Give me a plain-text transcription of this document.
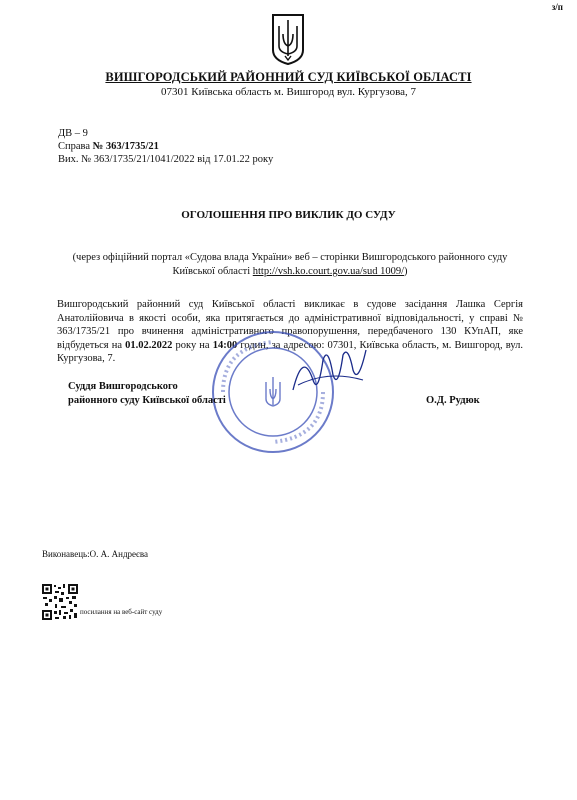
з/п
ВИШГОРОДСЬКИЙ РАЙОННИЙ СУД КИЇВСЬКОЇ ОБЛАСТІ
07301 Київська область м. Вишгород вул. Кургузова, 7
ДВ – 9
Справа № 363/1735/21
Вих. № 363/1735/21/1041/2022 від 17.01.22 року
ОГОЛОШЕННЯ ПРО ВИКЛИК ДО СУДУ
(через офіційний портал «Судова влада України» веб – сторінки Вишгородського районного суду Київської області http://vsh.ko.court.gov.ua/sud 1009/)
Вишгородський районний суд Київської області викликає в судове засідання Лашка Сергія Анатолійовича в якості особи, яка притягається до адміністративної відповідальності, у справі № 363/1735/21 про вчинення адміністративного правопорушення, передбаченого 130 КУпАП, яке відбудеться на 01.02.2022 року на 14:00 годин, за адресою: 07301, Київська область, м. Вишгород, вул. Кургузова, 7.
Суддя Вишгородського
районного суду Київської області	О.Д. Рудюк
Виконавець:О. А. Андреєва
посилання на веб-сайт суду
